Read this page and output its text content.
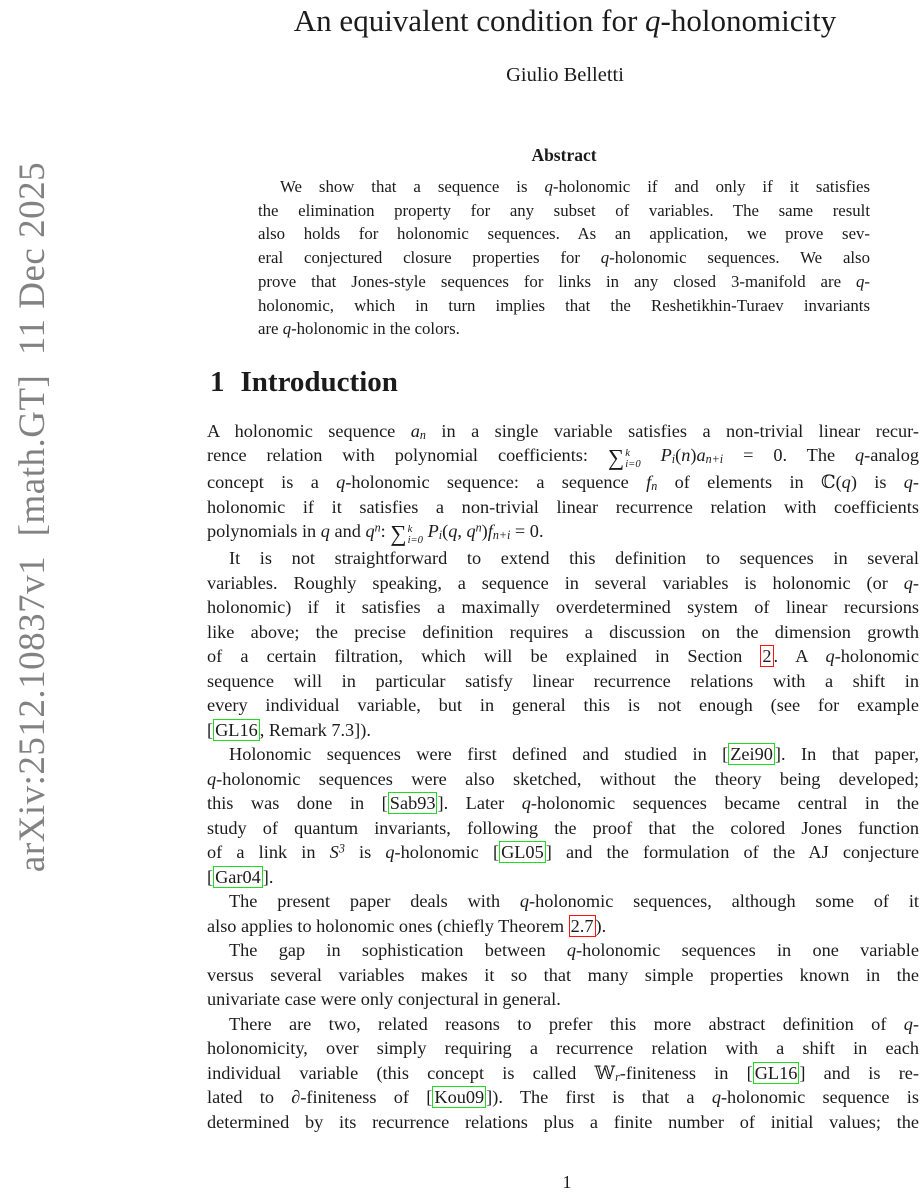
arXiv:2512.10837v1  [math.GT]  11 Dec 2025
An equivalent condition for q-holonomicity
Giulio Belletti
Abstract
We show that a sequence is q-holonomic if and only if it satisfies
the elimination property for any subset of variables. The same result
also holds for holonomic sequences. As an application, we prove sev-
eral conjectured closure properties for q-holonomic sequences. We also
prove that Jones-style sequences for links in any closed 3-manifold are q-
holonomic, which in turn implies that the Reshetikhin-Turaev invariants
are q-holonomic in the colors.
1 Introduction
A holonomic sequence $a_n$ in a single variable satisfies a non-trivial linear recur-
rence relation with polynomial coefficients: ∑ k
i=0 $P_i(n)a_{n+i} = 0$. The q-analog
concept is a q-holonomic sequence: a sequence $f_n$ of elements in ℂ(q) is q-
holonomic if it satisfies a non-trivial linear recurrence relation with coefficients
polynomials in q and $q^n$: ∑ k
i=0 $P_i(q$, $q^n)f_{n+i} = 0$.
It is not straightforward to extend this definition to sequences in several
variables. Roughly speaking, a sequence in several variables is holonomic (or q-
holonomic) if it satisfies a maximally overdetermined system of linear recursions
like above; the precise definition requires a discussion on the dimension growth
of a certain filtration, which will be explained in Section 2 . A q-holonomic
sequence will in particular satisfy linear recurrence relations with a shift in
every individual variable, but in general this is not enough (see for example
[ GL16 , Remark 7.3]).
Holonomic sequences were first defined and studied in [ Zei90 ]. In that paper,
q-holonomic sequences were also sketched, without the theory being developed;
this was done in [ Sab93 ]. Later q-holonomic sequences became central in the
study of quantum invariants, following the proof that the colored Jones function
of a link in $S^3$ is q-holonomic [ GL05 ] and the formulation of the AJ conjecture
[ Gar04 ].
The present paper deals with q-holonomic sequences, although some of it
also applies to holonomic ones (chiefly Theorem 2.7 ).
The gap in sophistication between q-holonomic sequences in one variable
versus several variables makes it so that many simple properties known in the
univariate case were only conjectural in general.
There are two, related reasons to prefer this more abstract definition of q-
holonomicity, over simply requiring a recurrence relation with a shift in each
individual variable (this concept is called 𝕎$_r$-finiteness in [ GL16 ] and is re-
lated to ∂-finiteness of [ Kou09 ]). The first is that a q-holonomic sequence is
determined by its recurrence relations plus a finite number of initial values; the
1
